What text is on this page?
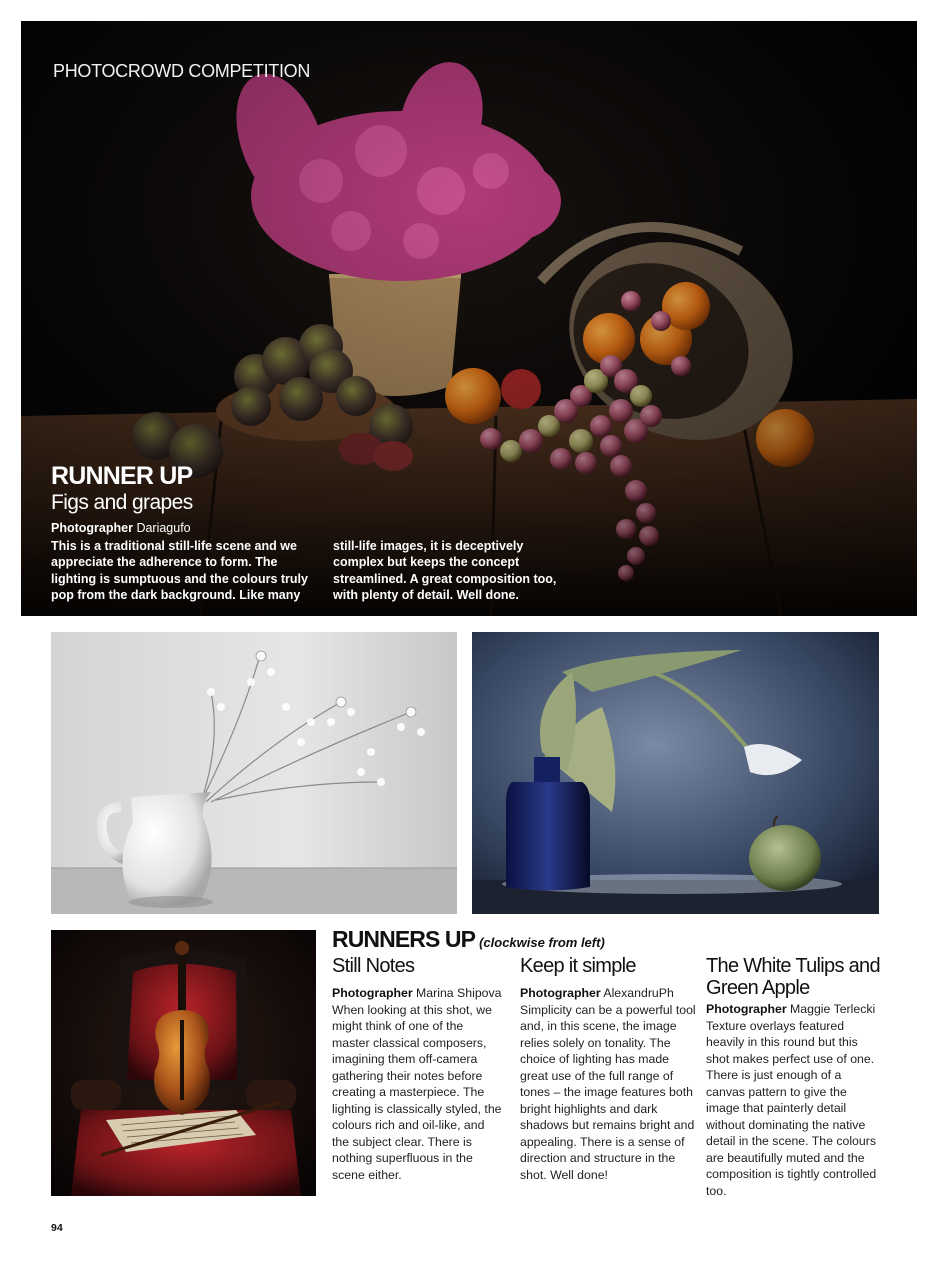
PHOTOCROWD COMPETITION
RUNNER UP
Figs and grapes
Photographer Dariagufo
This is a traditional still-life scene and we appreciate the adherence to form. The lighting is sumptuous and the colours truly pop from the dark background. Like many
still-life images, it is deceptively complex but keeps the concept streamlined. A great composition too, with plenty of detail. Well done.
RUNNERS UP (clockwise from left)
Still Notes
Photographer Marina Shipova
When looking at this shot, we might think of one of the master classical composers, imagining them off-camera gathering their notes before creating a masterpiece. The lighting is classically styled, the colours rich and oil-like, and the subject clear. There is nothing superfluous in the scene either.
Keep it simple
Photographer AlexandruPh
Simplicity can be a powerful tool and, in this scene, the image relies solely on tonality. The choice of lighting has made great use of the full range of tones – the image features both bright highlights and dark shadows but remains bright and appealing. There is a sense of direction and structure in the shot. Well done!
The White Tulips and Green Apple
Photographer Maggie Terlecki
Texture overlays featured heavily in this round but this shot makes perfect use of one. There is just enough of a canvas pattern to give the image that painterly detail without dominating the native detail in the scene. The colours are beautifully muted and the composition is tightly controlled too.
94
